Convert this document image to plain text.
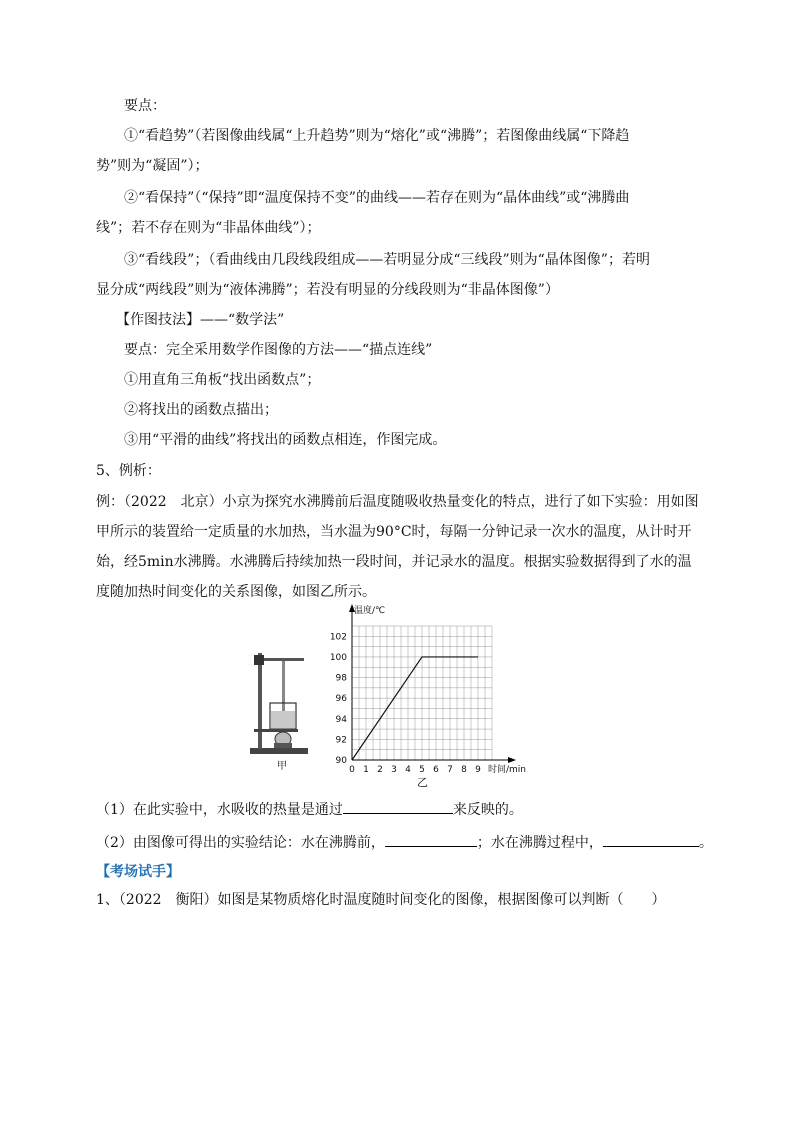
要点：
①“看趋势”（若图像曲线属“上升趋势”则为“熔化”或“沸腾”；若图像曲线属“下降趋
势”则为“凝固”）；
②“看保持”（“保持”即“温度保持不变”的曲线——若存在则为“晶体曲线”或“沸腾曲
线”；若不存在则为“非晶体曲线”）；
③“看线段”；（看曲线由几段线段组成——若明显分成“三线段”则为“晶体图像”；若明
显分成“两线段”则为“液体沸腾”；若没有明显的分线段则为“非晶体图像”）
【作图技法】——“数学法”
要点：完全采用数学作图像的方法——“描点连线”
①用直角三角板“找出函数点”；
②将找出的函数点描出；
③用“平滑的曲线”将找出的函数点相连，作图完成。
5、例析：
例：（2022　北京）小京为探究水沸腾前后温度随吸收热量变化的特点，进行了如下实验：用如图
甲所示的装置给一定质量的水加热，当水温为90°C时，每隔一分钟记录一次水的温度，从计时开
始，经5min水沸腾。水沸腾后持续加热一段时间，并记录水的温度。根据实验数据得到了水的温
度随加热时间变化的关系图像，如图乙所示。
甲	90
92
94
96
98
100
102
0 1 2 3 4 5 6 7 8 9 时间/min
温度/℃
乙
（1）在此实验中，水吸收的热量是通过	来反映的。
（2）由图像可得出的实验结论：水在沸腾前，	；水在沸腾过程中，	。
【考场试手】
1、（2022　衡阳）如图是某物质熔化时温度随时间变化的图像，根据图像可以判断（　　）
